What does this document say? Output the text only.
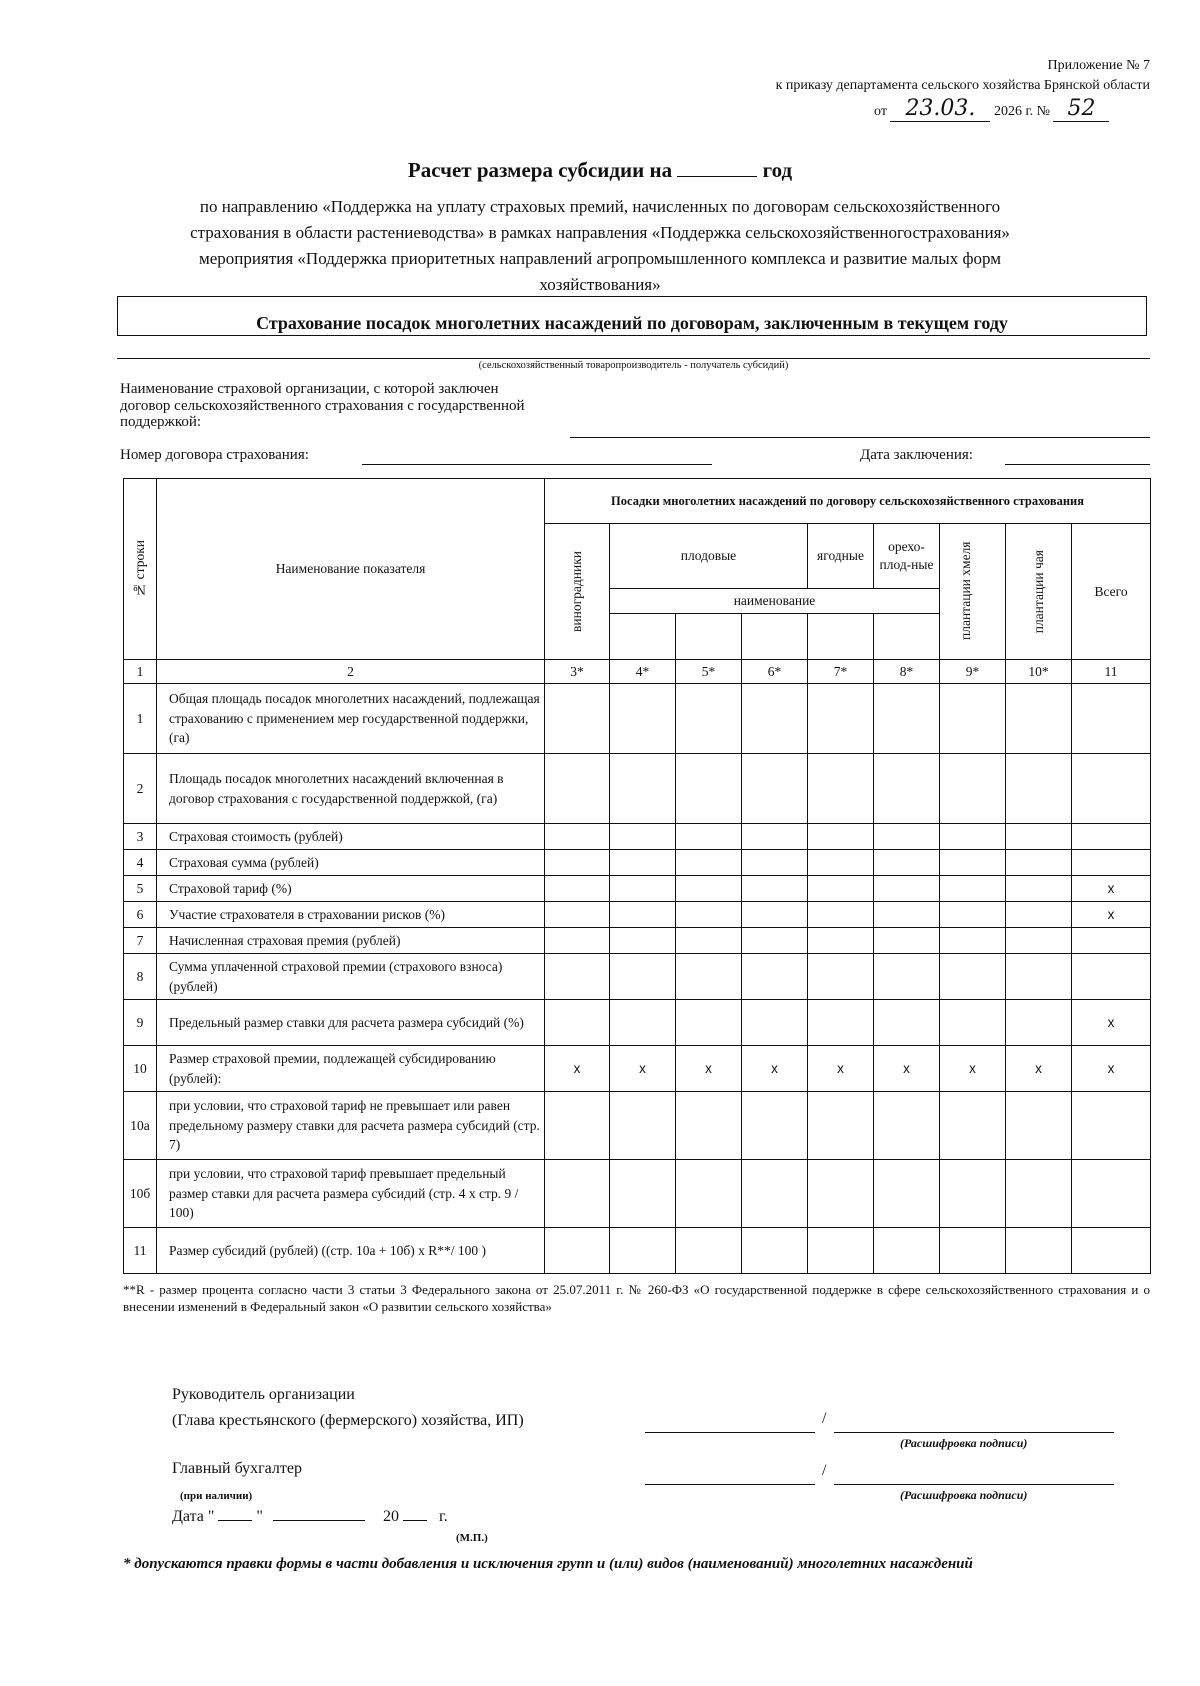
Приложение № 7
к приказу департамента сельского хозяйства Брянской области
от 23.03. 2026 г. № 52
Расчет размера субсидии на	год
по направлению «Поддержка на уплату страховых премий, начисленных по договорам сельскохозяйственного
страхования в области растениеводства» в рамках направления «Поддержка сельскохозяйственногострахования»
мероприятия «Поддержка приоритетных направлений агропромышленного комплекса и развитие малых форм
хозяйствования»
Страхование посадок многолетних насаждений по договорам, заключенным в текущем году
(сельскохозяйственный товаропроизводитель - получатель субсидий)
Наименование страховой организации, с которой заключен
договор сельскохозяйственного страхования с государственной
поддержкой:
Номер договора страхования:	Дата заключения:
№ строки	Наименование показателя	Посадки многолетних насаждений по договору сельскохозяйственного страхования								

		виноградники	плодовые			ягодные	орехо-плод-ные	плантации хмеля	плантации чая	Всего
			наименование							

1	2	3*	4*	5*	6*	7*	8*	9*	10*	11
1	Общая площадь посадок многолетних насаждений, подлежащая страхованию с применением мер государственной поддержки, (га)									
2	Площадь посадок многолетних насаждений включенная в договор страхования с государственной поддержкой, (га)									
3	Страховая стоимость (рублей)									
4	Страховая сумма (рублей)									
5	Страховой тариф (%)									x
6	Участие страхователя в страховании рисков (%)									x
7	Начисленная страховая премия (рублей)									
8	Сумма уплаченной страховой премии (страхового взноса) (рублей)									
9	Предельный размер ставки для расчета размера субсидий (%)									x
10	Размер страховой премии, подлежащей субсидированию (рублей):	x	x	x	x	x	x	x	x	x
10а	при условии, что страховой тариф не превышает или равен предельному размеру ставки для расчета размера субсидий (стр. 7)									
10б	при условии, что страховой тариф превышает предельный размер ставки для расчета размера субсидий (стр. 4 х стр. 9 / 100)									
11	Размер субсидий (рублей) ((стр. 10а + 10б) х R**/ 100 )									
**R - размер процента согласно части 3 статьи 3 Федерального закона от 25.07.2011 г. № 260-ФЗ «О государственной поддержке в сфере сельскохозяйственного страхования и о внесении изменений в Федеральный закон «О развитии сельского хозяйства»
Руководитель организации
(Глава крестьянского (фермерского) хозяйства, ИП)	/
(Расшифровка подписи)
Главный бухгалтер	/
(Расшифровка подписи)
(при наличии)
Дата "	"	20	г.
(М.П.)
* допускаются правки формы в части добавления и исключения групп и (или) видов (наименований) многолетних насаждений
